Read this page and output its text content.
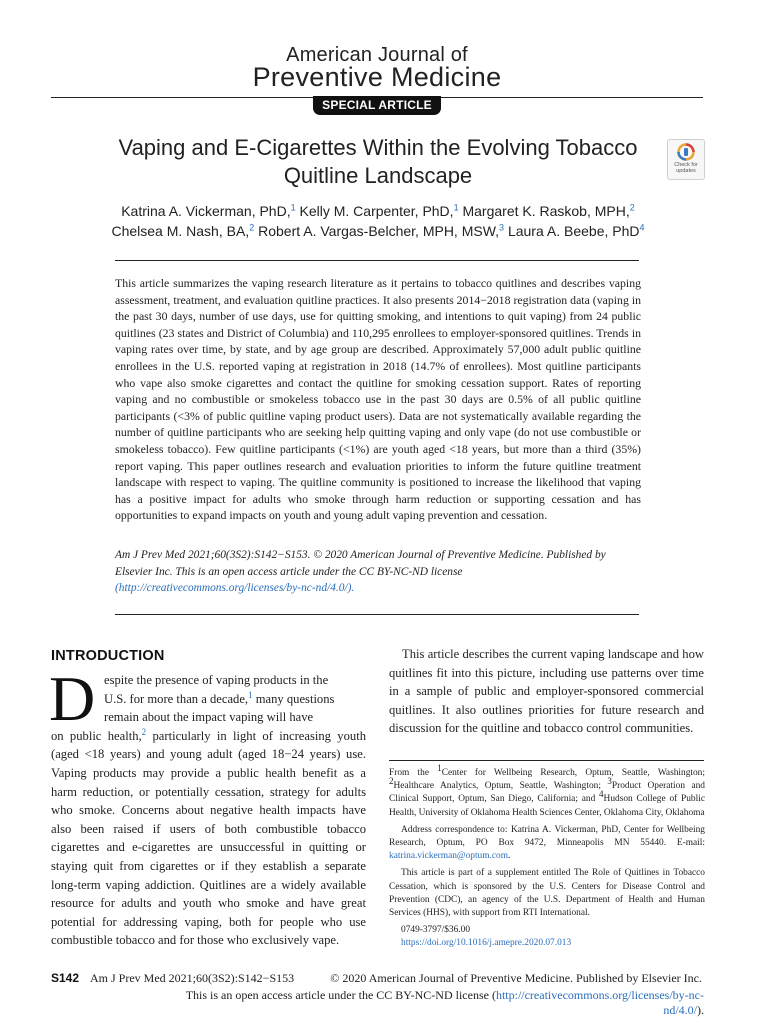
American Journal of
Preventive Medicine
SPECIAL ARTICLE
Vaping and E-Cigarettes Within the Evolving Tobacco Quitline Landscape	Check for updates
Katrina A. Vickerman, PhD,$^1$ Kelly M. Carpenter, PhD,$^1$ Margaret K. Raskob, MPH,$^2$
Chelsea M. Nash, BA,$^2$ Robert A. Vargas-Belcher, MPH, MSW,$^3$ Laura A. Beebe, PhD$^4$
This article summarizes the vaping research literature as it pertains to tobacco quitlines and describes vaping assessment, treatment, and evaluation quitline practices. It also presents 2014−2018 registration data (vaping in the past 30 days, number of use days, use for quitting smoking, and intentions to quit vaping) from 24 public quitlines (23 states and District of Columbia) and 110,295 enrollees to employer-sponsored quitlines. Trends in vaping rates over time, by state, and by age group are described. Approximately 57,000 adult public quitline enrollees in the U.S. reported vaping at registration in 2018 (14.7% of enrollees). Most quitline participants who vape also smoke cigarettes and contact the quitline for smoking cessation support. Rates of reporting vaping and no combustible or smokeless tobacco use in the past 30 days are 0.5% of all public quitline participants (<3% of public quitline vaping product users). Data are not systematically available regarding the number of quitline participants who are seeking help quitting vaping and only vape (do not use combustible or smokeless tobacco). Few quitline participants (<1%) are youth aged <18 years, but more than a third (35%) report vaping. This paper outlines research and evaluation priorities to inform the future quitline treatment landscape with respect to vaping. The quitline community is positioned to increase the likelihood that vaping has a positive impact for adults who smoke through harm reduction or supporting cessation and has opportunities to expand impacts on youth and young adult vaping prevention and cessation.
Am J Prev Med 2021;60(3S2):S142−S153. © 2020 American Journal of Preventive Medicine. Published by Elsevier Inc. This is an open access article under the CC BY-NC-ND license (http://creativecommons.org/licenses/by-nc-nd/4.0/).
INTRODUCTION
D espite the presence of vaping products in the
U.S. for more than a decade,$^1$ many questions
remain about the impact vaping will have
on public health,$^2$ particularly in light of increasing youth (aged <18 years) and young adult (aged 18−24 years) use. Vaping products may provide a public health benefit as a harm reduction, or potentially cessation, strategy for adults who smoke. Concerns about negative health impacts have also been raised if users of both combustible tobacco cigarettes and e-cigarettes are unsuccessful in quitting or staying quit from cigarettes or if they establish a separate long-term vaping addiction. Quitlines are a widely available resource for adults and youth who smoke and have great potential for addressing vaping, both for people who use combustible tobacco and for those who exclusively vape.
This article describes the current vaping landscape and how quitlines fit into this picture, including use patterns over time in a sample of public and employer-sponsored commercial quitlines. It also outlines priorities for future research and discussion for the quitline and tobacco control communities.

From the $^1$Center for Wellbeing Research, Optum, Seattle, Washington; $^2$Healthcare Analytics, Optum, Seattle, Washington; $^3$Product Operation and Clinical Support, Optum, San Diego, California; and $^4$Hudson College of Public Health, University of Oklahoma Health Sciences Center, Oklahoma City, Oklahoma

Address correspondence to: Katrina A. Vickerman, PhD, Center for Wellbeing Research, Optum, PO Box 9472, Minneapolis MN 55440. E-mail: katrina.vickerman@optum.com.

This article is part of a supplement entitled The Role of Quitlines in Tobacco Cessation, which is sponsored by the U.S. Centers for Disease Control and Prevention (CDC), an agency of the U.S. Department of Health and Human Services (HHS), with support from RTI International.

0749-3797/$36.00

https://doi.org/10.1016/j.amepre.2020.07.013

S142 Am J Prev Med 2021;60(3S2):S142−S153	© 2020 American Journal of Preventive Medicine. Published by Elsevier Inc.
This is an open access article under the CC BY-NC-ND license (http://creativecommons.org/licenses/by-nc-nd/4.0/).
